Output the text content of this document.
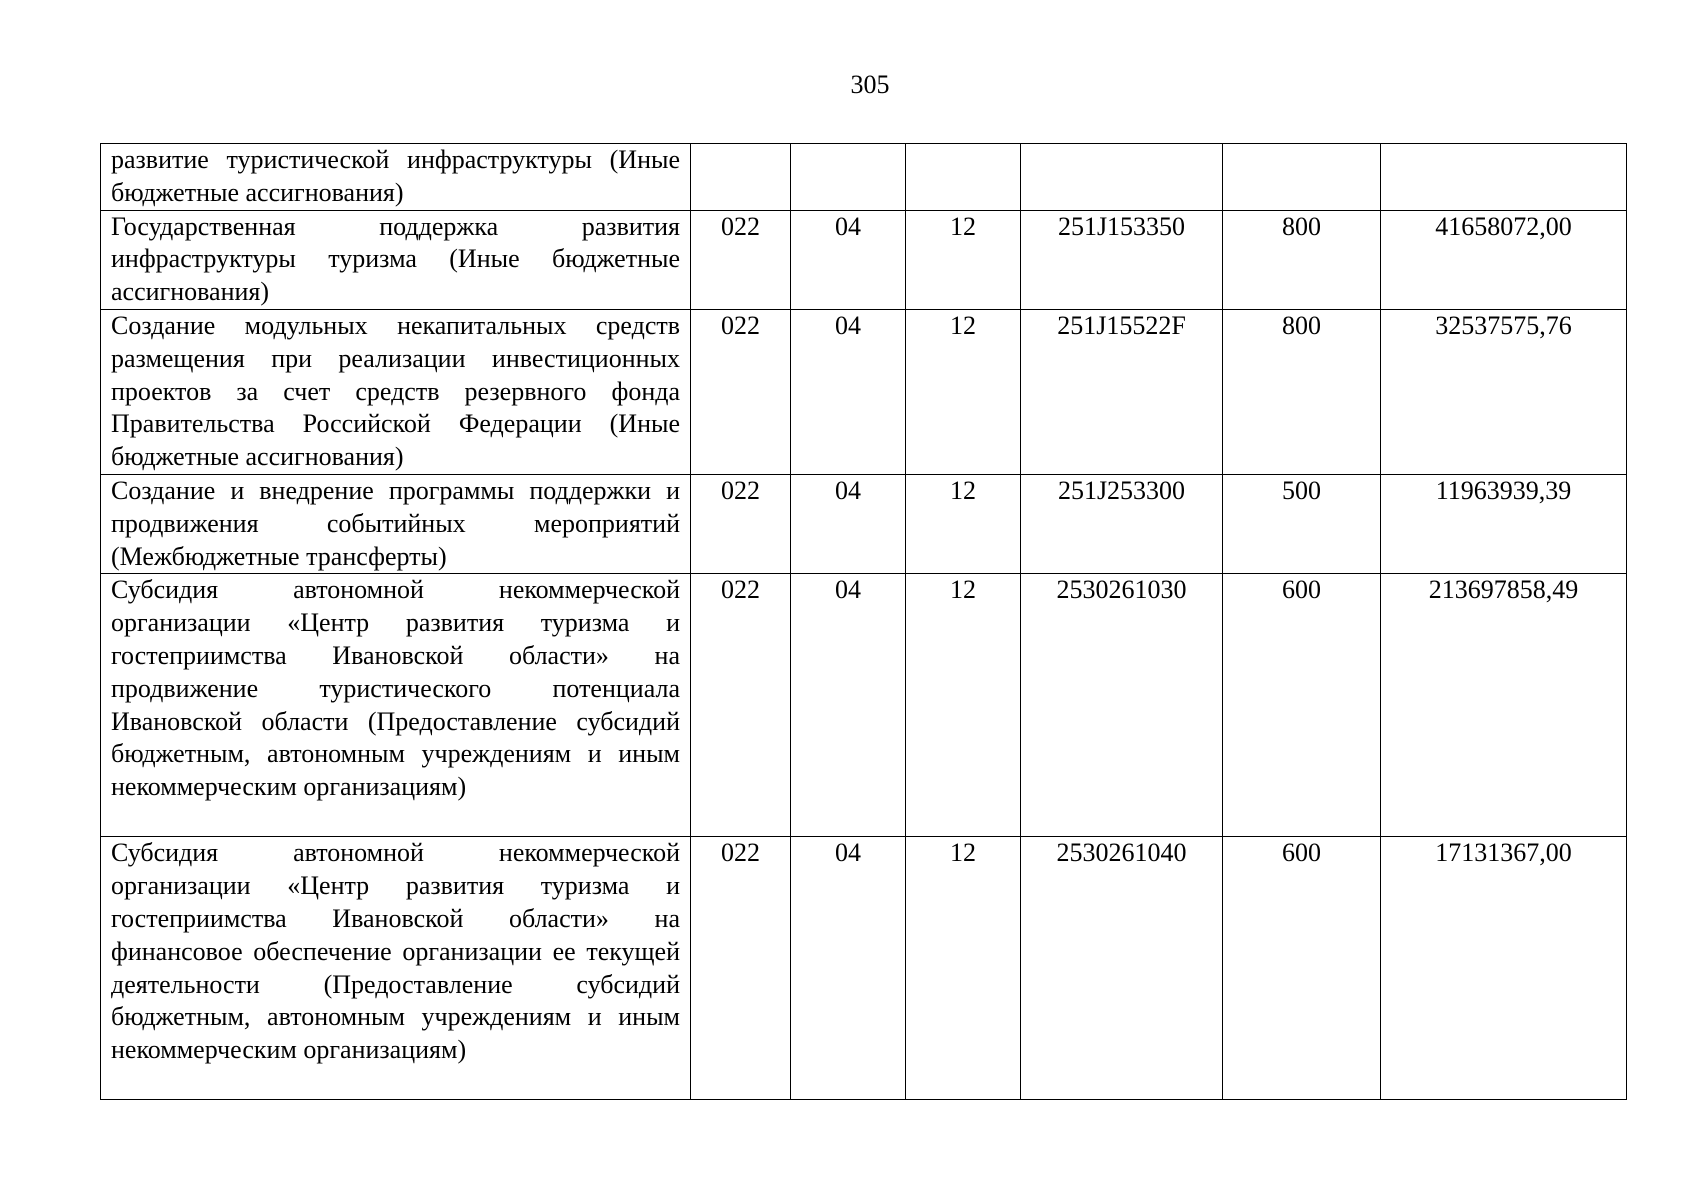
305
развитие туристической инфраструктуры (Иные бюджетные ассигнования)						
Государственная поддержка развития инфраструктуры туризма (Иные бюджетные ассигнования)	022	04	12	251J153350	800	41658072,00
Создание модульных некапитальных средств размещения при реализации инвестиционных проектов за счет средств резервного фонда Правительства Российской Федерации (Иные бюджетные ассигнования)	022	04	12	251J15522F	800	32537575,76
Создание и внедрение программы поддержки и продвижения событийных мероприятий (Межбюджетные трансферты)	022	04	12	251J253300	500	11963939,39
Субсидия автономной некоммерческой организации «Центр развития туризма и гостеприимства Ивановской области» на продвижение туристического потенциала Ивановской области (Предоставление субсидий бюджетным, автономным учреждениям и иным некоммерческим организациям)	022	04	12	2530261030	600	213697858,49
Субсидия автономной некоммерческой организации «Центр развития туризма и гостеприимства Ивановской области» на финансовое обеспечение организации ее текущей деятельности (Предоставление субсидий бюджетным, автономным учреждениям и иным некоммерческим организациям)	022	04	12	2530261040	600	17131367,00
